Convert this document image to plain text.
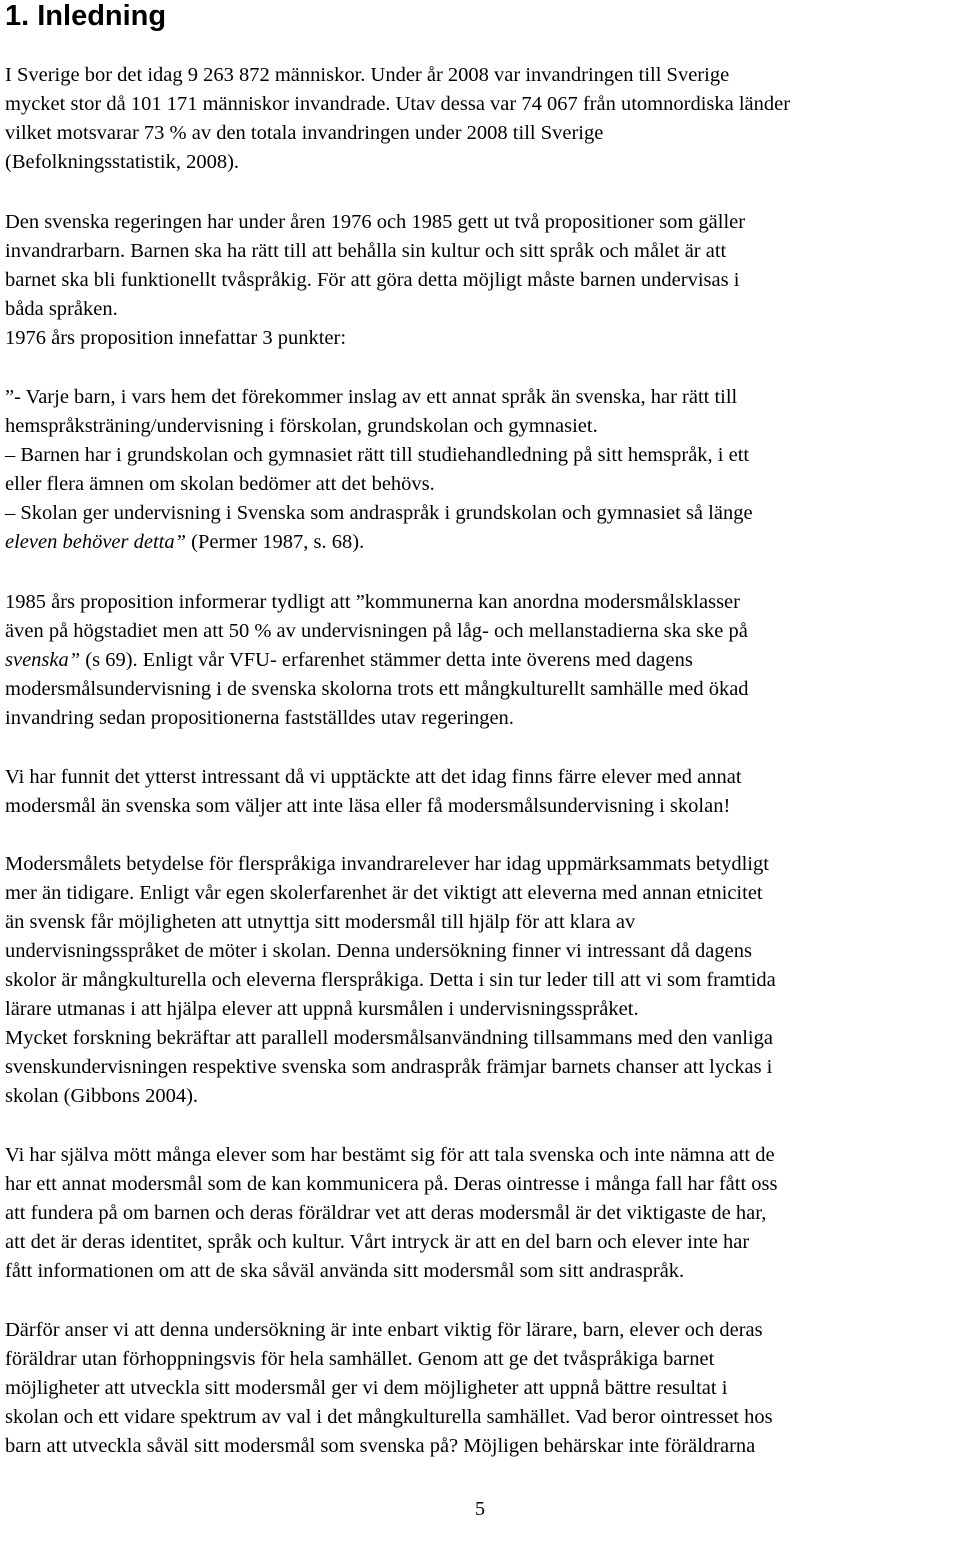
1. Inledning

I Sverige bor det idag 9 263 872 människor. Under år 2008 var invandringen till Sverige
mycket stor då 101 171 människor invandrade. Utav dessa var 74 067 från utomnordiska länder
vilket motsvarar 73 % av den totala invandringen under 2008 till Sverige
(Befolkningsstatistik, 2008).

Den svenska regeringen har under åren 1976 och 1985 gett ut två propositioner som gäller
invandrarbarn. Barnen ska ha rätt till att behålla sin kultur och sitt språk och målet är att
barnet ska bli funktionellt tvåspråkig. För att göra detta möjligt måste barnen undervisas i
båda språken.
1976 års proposition innefattar 3 punkter:

”- Varje barn, i vars hem det förekommer inslag av ett annat språk än svenska, har rätt till
hemspråksträning/undervisning i förskolan, grundskolan och gymnasiet.
– Barnen har i grundskolan och gymnasiet rätt till studiehandledning på sitt hemspråk, i ett
eller flera ämnen om skolan bedömer att det behövs.
– Skolan ger undervisning i Svenska som andraspråk i grundskolan och gymnasiet så länge
eleven behöver detta” (Permer 1987, s. 68).

1985 års proposition informerar tydligt att ”kommunerna kan anordna modersmålsklasser
även på högstadiet men att 50 % av undervisningen på låg- och mellanstadierna ska ske på
svenska” (s 69). Enligt vår VFU- erfarenhet stämmer detta inte överens med dagens
modersmålsundervisning i de svenska skolorna trots ett mångkulturellt samhälle med ökad
invandring sedan propositionerna fastställdes utav regeringen.

Vi har funnit det ytterst intressant då vi upptäckte att det idag finns färre elever med annat
modersmål än svenska som väljer att inte läsa eller få modersmålsundervisning i skolan!

Modersmålets betydelse för flerspråkiga invandrarelever har idag uppmärksammats betydligt
mer än tidigare. Enligt vår egen skolerfarenhet är det viktigt att eleverna med annan etnicitet
än svensk får möjligheten att utnyttja sitt modersmål till hjälp för att klara av
undervisningsspråket de möter i skolan. Denna undersökning finner vi intressant då dagens
skolor är mångkulturella och eleverna flerspråkiga. Detta i sin tur leder till att vi som framtida
lärare utmanas i att hjälpa elever att uppnå kursmålen i undervisningsspråket.
Mycket forskning bekräftar att parallell modersmålsanvändning tillsammans med den vanliga
svenskundervisningen respektive svenska som andraspråk främjar barnets chanser att lyckas i
skolan (Gibbons 2004).

Vi har själva mött många elever som har bestämt sig för att tala svenska och inte nämna att de
har ett annat modersmål som de kan kommunicera på. Deras ointresse i många fall har fått oss
att fundera på om barnen och deras föräldrar vet att deras modersmål är det viktigaste de har,
att det är deras identitet, språk och kultur. Vårt intryck är att en del barn och elever inte har
fått informationen om att de ska såväl använda sitt modersmål som sitt andraspråk.

Därför anser vi att denna undersökning är inte enbart viktig för lärare, barn, elever och deras
föräldrar utan förhoppningsvis för hela samhället. Genom att ge det tvåspråkiga barnet
möjligheter att utveckla sitt modersmål ger vi dem möjligheter att uppnå bättre resultat i
skolan och ett vidare spektrum av val i det mångkulturella samhället. Vad beror ointresset hos
barn att utveckla såväl sitt modersmål som svenska på? Möjligen behärskar inte föräldrarna

5
